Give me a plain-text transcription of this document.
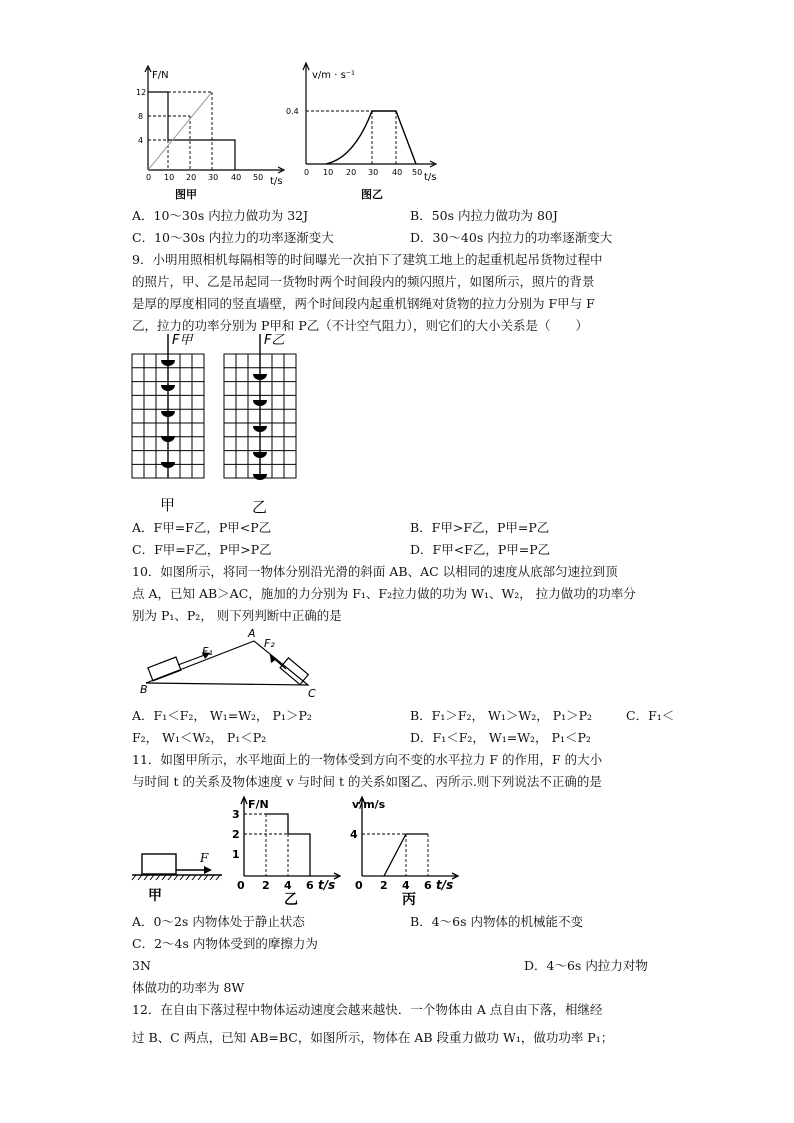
F/N
t/s
12
8
4
0 10 20 30 40 50
图甲
v/m · s⁻¹
t/s
0.4
0 10 20 30 40 50
图乙
A．10～30s 内拉力做功为 32J	B．50s 内拉力做功为 80J
C．10～30s 内拉力的功率逐渐变大	D．30～40s 内拉力的功率逐渐变大
9．小明用照相机每隔相等的时间曝光一次拍下了建筑工地上的起重机起吊货物过程中
的照片，甲、乙是吊起同一货物时两个时间段内的频闪照片，如图所示，照片的背景
是厚的厚度相同的竖直墙壁，两个时间段内起重机钢绳对货物的拉力分别为 F甲与 F
乙，拉力的功率分别为 P甲和 P乙（不计空气阻力），则它们的大小关系是（　　）
F甲	F乙
甲	乙
A．F甲=F乙，P甲<P乙	B．F甲>F乙，P甲=P乙
C．F甲=F乙，P甲>P乙	D．F甲<F乙，P甲=P乙
10．如图所示，将同一物体分别沿光滑的斜面 AB、AC 以相同的速度从底部匀速拉到顶
点 A，已知 AB＞AC，施加的力分别为 F₁、F₂拉力做的功为 W₁、W₂， 拉力做功的功率分
别为 P₁、P₂， 则下列判断中正确的是
A
B	C
F₁
F₂
A．F₁＜F₂， W₁=W₂， P₁＞P₂	B．F₁＞F₂， W₁＞W₂， P₁＞P₂	C．F₁＜
F₂， W₁＜W₂， P₁＜P₂	D．F₁＜F₂， W₁=W₂， P₁＜P₂
11．如图甲所示，水平地面上的一物体受到方向不变的水平拉力 F 的作用，F 的大小
与时间 t 的关系及物体速度 v 与时间 t 的关系如图乙、丙所示.则下列说法不正确的是
F
甲
F/N
3
2
1
0 2 4 6 t/s
乙
v/m/s
4
0 2 4 6 t/s
丙
A．0～2s 内物体处于静止状态	B．4～6s 内物体的机械能不变
C．2～4s 内物体受到的摩擦力为
3N	D．4～6s 内拉力对物
体做功的功率为 8W
12．在自由下落过程中物体运动速度会越来越快．一个物体由 A 点自由下落，相继经
过 B、C 两点，已知 AB=BC，如图所示，物体在 AB 段重力做功 W₁，做功功率 P₁；
